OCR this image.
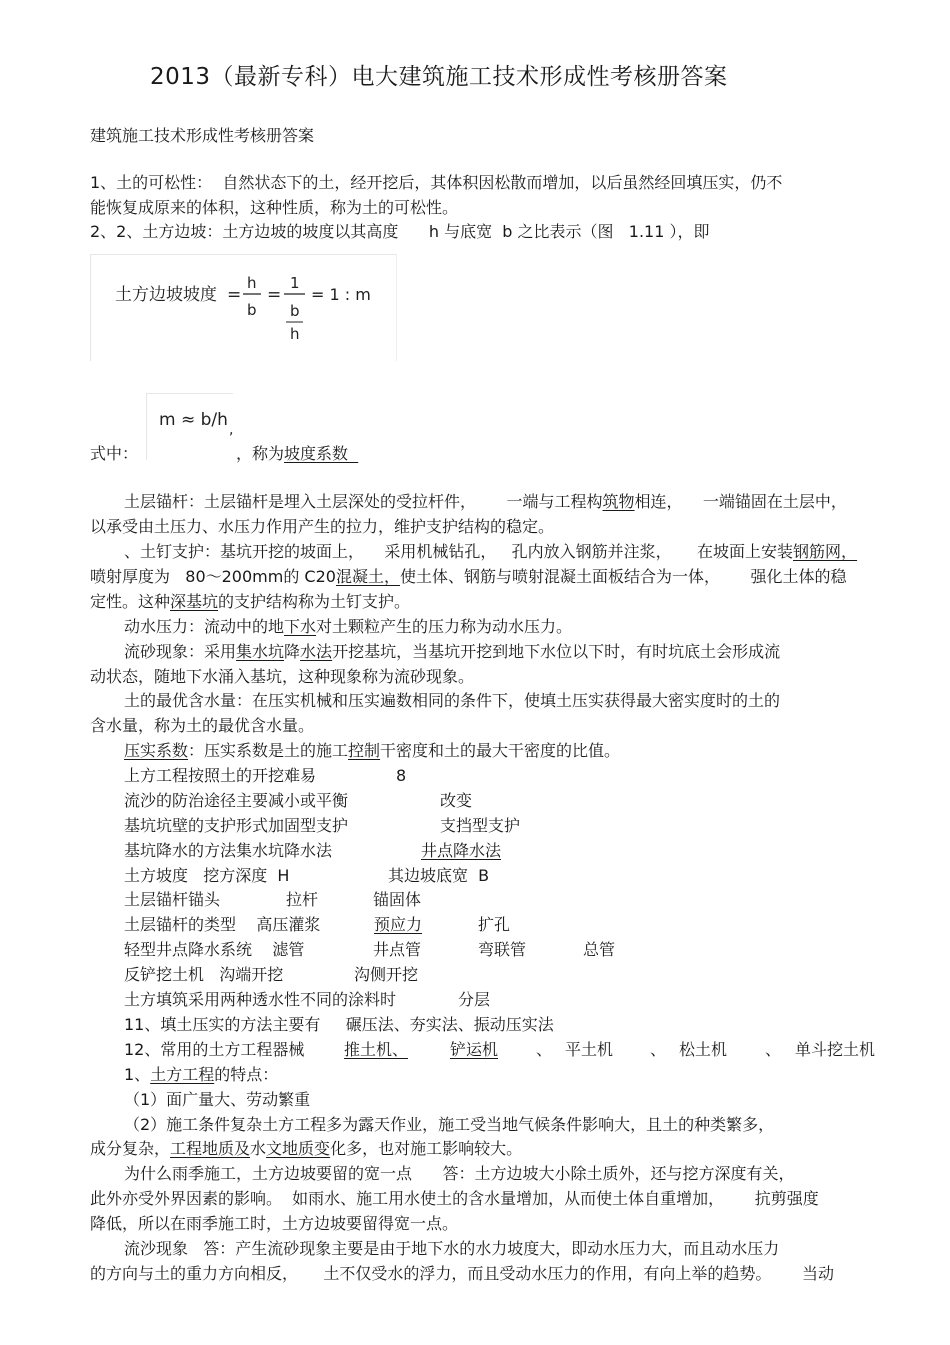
2013（最新专科）电大建筑施工技术形成性考核册答案
建筑施工技术形成性考核册答案
1、土的可松性：  自然状态下的土，经开挖后，其体积因松散而增加，以后虽然经回填压实，仍不
能恢复成原来的体积，这种性质，称为土的可松性。
2、2、土方边坡：土方边坡的坡度以其高度      h 与底宽  b 之比表示（图   1.11 ），即
土方边坡坡度 =
h
b
=
1
b
h
= 1 : m
m ≈ b/h ,
式中：	，称为坡度系数
土层锚杆：土层锚杆是埋入土层深处的受拉杆件，      一端与工程构筑物相连，    一端锚固在土层中，
以承受由土压力、水压力作用产生的拉力，维护支护结构的稳定。
、土钉支护：基坑开挖的坡面上，    采用机械钻孔，   孔内放入钢筋并注浆，     在坡面上安装钢筋网，
喷射厚度为   80～200mm的 C20混凝土，使土体、钢筋与喷射混凝土面板结合为一体，      强化土体的稳
定性。这种深基坑的支护结构称为土钉支护。
动水压力：流动中的地下水对土颗粒产生的压力称为动水压力。
流砂现象：采用集水坑降水法开挖基坑，当基坑开挖到地下水位以下时，有时坑底土会形成流
动状态，随地下水涌入基坑，这种现象称为流砂现象。
土的最优含水量：在压实机械和压实遍数相同的条件下，使填土压实获得最大密实度时的土的
含水量，称为土的最优含水量。
压实系数：压实系数是土的施工控制干密度和土的最大干密度的比值。
上方工程按照土的开挖难易	8
流沙的防治途径主要减小或平衡	改变
基坑坑壁的支护形式加固型支护	支挡型支护
基坑降水的方法集水坑降水法	井点降水法
土方坡度   挖方深度  H	其边坡底宽  B
土层锚杆锚头	拉杆	锚固体
土层锚杆的类型    高压灌浆	预应力	扩孔
轻型井点降水系统    滤管	井点管	弯联管	总管
反铲挖土机   沟端开挖	沟侧开挖
土方填筑采用两种透水性不同的涂料时	分层
11、填土压实的方法主要有     碾压法、夯实法、振动压实法
12、常用的土方工程器械 推土机、	铲运机 、 平土机 、 松土机 、 单斗挖土机
1、土方工程的特点：
（1）面广量大、劳动繁重
（2）施工条件复杂土方工程多为露天作业，施工受当地气候条件影响大，且土的种类繁多，
成分复杂，工程地质及水文地质变化多，也对施工影响较大。
为什么雨季施工，土方边坡要留的宽一点      答：土方边坡大小除土质外，还与挖方深度有关，
此外亦受外界因素的影响。  如雨水、施工用水使土的含水量增加，从而使土体自重增加，      抗剪强度
降低，所以在雨季施工时，土方边坡要留得宽一点。
流沙现象   答：产生流砂现象主要是由于地下水的水力坡度大，即动水压力大，而且动水压力
的方向与土的重力方向相反，     土不仅受水的浮力，而且受动水压力的作用，有向上举的趋势。      当动
